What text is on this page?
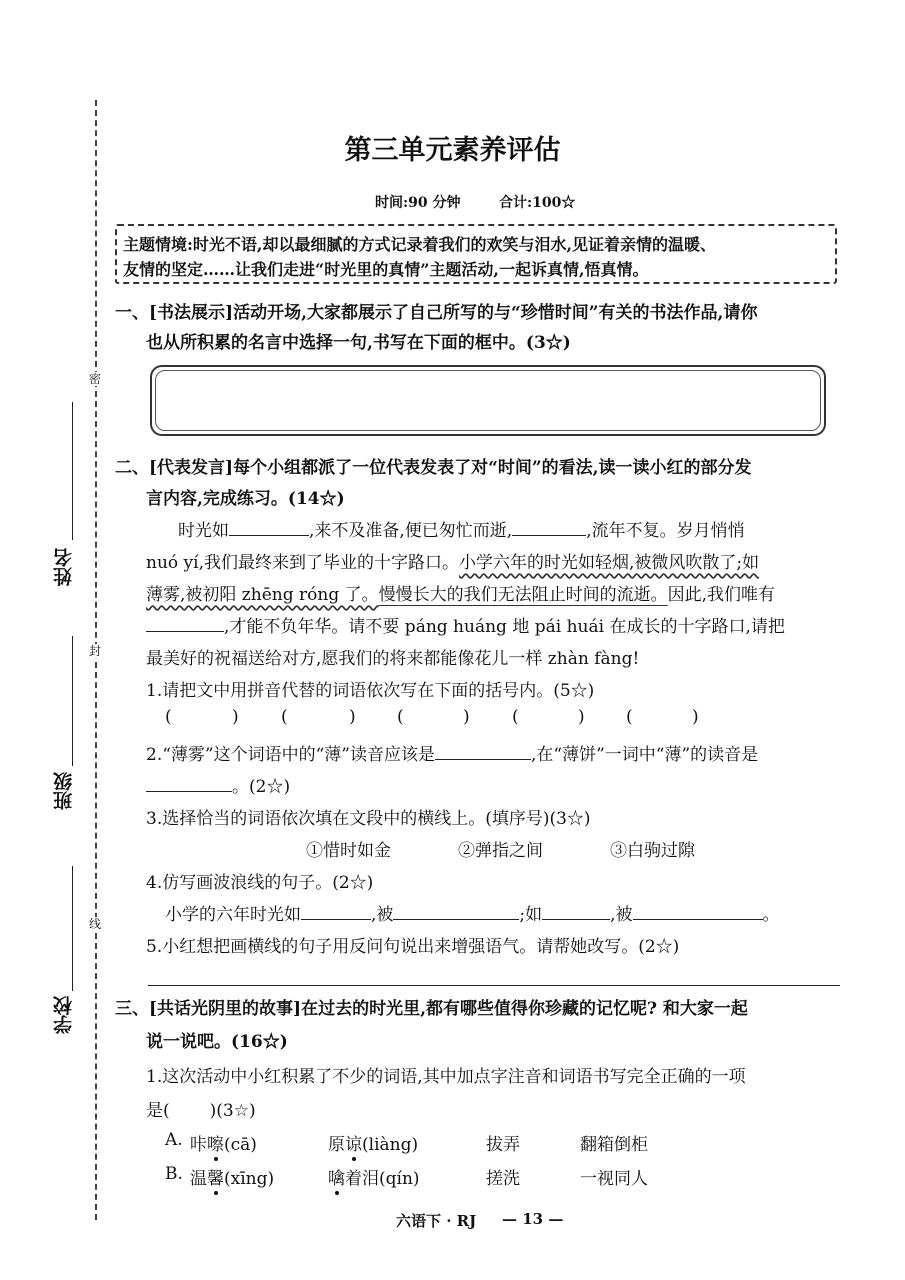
密
封
线
姓名
班级
学校
第三单元素养评估
时间:90 分钟	合计:100☆
主题情境:时光不语,却以最细腻的方式记录着我们的欢笑与泪水,见证着亲情的温暖、
友情的坚定……让我们走进“时光里的真情”主题活动,一起诉真情,悟真情。
一、[书法展示]活动开场,大家都展示了自己所写的与“珍惜时间”有关的书法作品,请你
也从所积累的名言中选择一句,书写在下面的框中。(3☆)
二、[代表发言]每个小组都派了一位代表发表了对“时间”的看法,读一读小红的部分发
言内容,完成练习。(14☆)
时光如	,来不及准备,便已匆忙而逝,	,流年不复。岁月悄悄
nuó yí,我们最终来到了毕业的十字路口。小学六年的时光如轻烟,被微风吹散了;如
薄雾,被初阳 zhēng róng 了。慢慢长大的我们无法阻止时间的流逝。因此,我们唯有
,才能不负年华。请不要 páng huáng 地 pái huái 在成长的十字路口,请把
最美好的祝福送给对方,愿我们的将来都能像花儿一样 zhàn fàng!
1.请把文中用拼音代替的词语依次写在下面的括号内。(5☆)
(	) (	) (	) (	) (	)
2.“薄雾”这个词语中的“薄”读音应该是	,在“薄饼”一词中“薄”的读音是
。(2☆)
3.选择恰当的词语依次填在文段中的横线上。(填序号)(3☆)
①惜时如金	②弹指之间	③白驹过隙
4.仿写画波浪线的句子。(2☆)
小学的六年时光如	,被	;如	,被	。
5.小红想把画横线的句子用反问句说出来增强语气。请帮她改写。(2☆)
三、[共话光阴里的故事]在过去的时光里,都有哪些值得你珍藏的记忆呢? 和大家一起
说一说吧。(16☆)
1.这次活动中小红积累了不少的词语,其中加点字注音和词语书写完全正确的一项
是( )(3☆)
A. 咔嚓(cā)	原谅(liàng)	拔弄	翻箱倒柜
B. 温馨(xīng)	噙着泪(qín)	搓洗	一视同人
六语下 · RJ — 13 —
